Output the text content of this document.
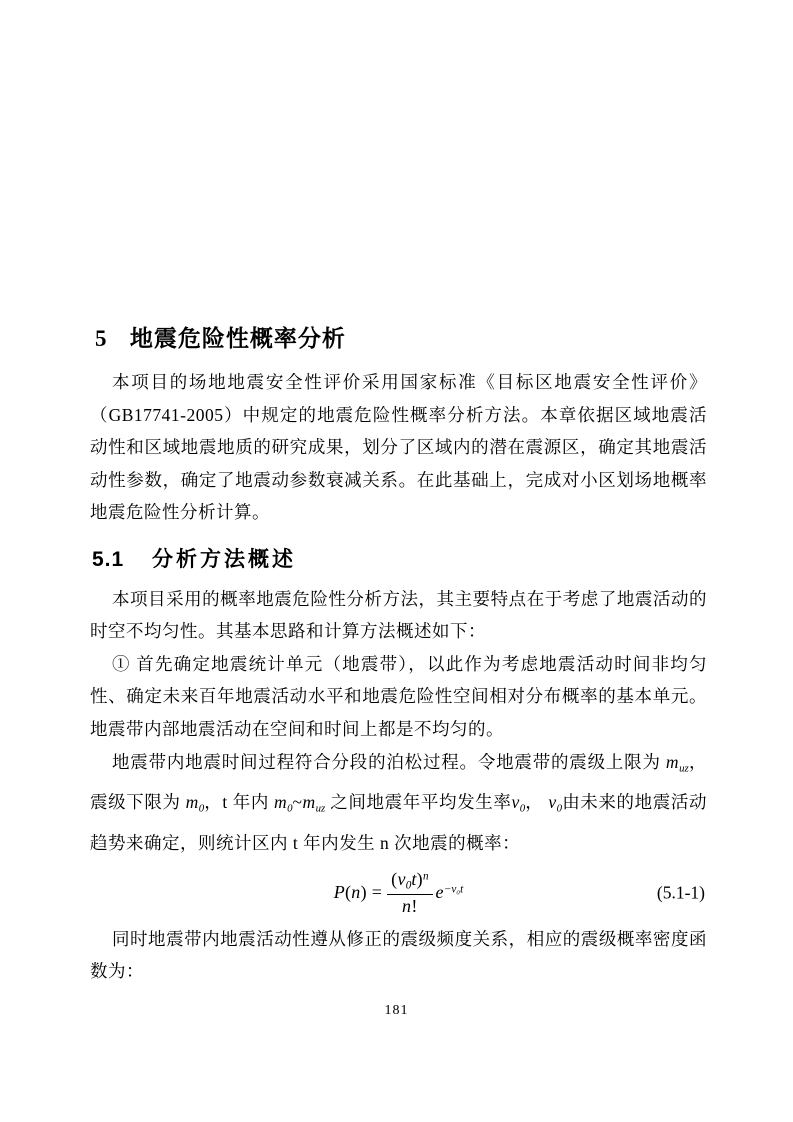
5 地震危险性概率分析

本项目的场地地震安全性评价采用国家标准《目标区地震安全性评价》（GB17741-2005）中规定的地震危险性概率分析方法。本章依据区域地震活动性和区域地震地质的研究成果，划分了区域内的潜在震源区，确定其地震活动性参数，确定了地震动参数衰减关系。在此基础上，完成对小区划场地概率地震危险性分析计算。

5.1 分析方法概述

本项目采用的概率地震危险性分析方法，其主要特点在于考虑了地震活动的时空不均匀性。其基本思路和计算方法概述如下：

① 首先确定地震统计单元（地震带），以此作为考虑地震活动时间非均匀性、确定未来百年地震活动水平和地震危险性空间相对分布概率的基本单元。地震带内部地震活动在空间和时间上都是不均匀的。

地震带内地震时间过程符合分段的泊松过程。令地震带的震级上限为 muz，震级下限为 m0，t 年内 m0~muz 之间地震年平均发生率ν0， ν0由未来的地震活动趋势来确定，则统计区内 t 年内发生 n 次地震的概率：

$P(n) = \frac{(\nu 0t)^n}{n!} e^{-\nu_0t}$	(5.1-1)

同时地震带内地震活动性遵从修正的震级频度关系，相应的震级概率密度函数为：

181
